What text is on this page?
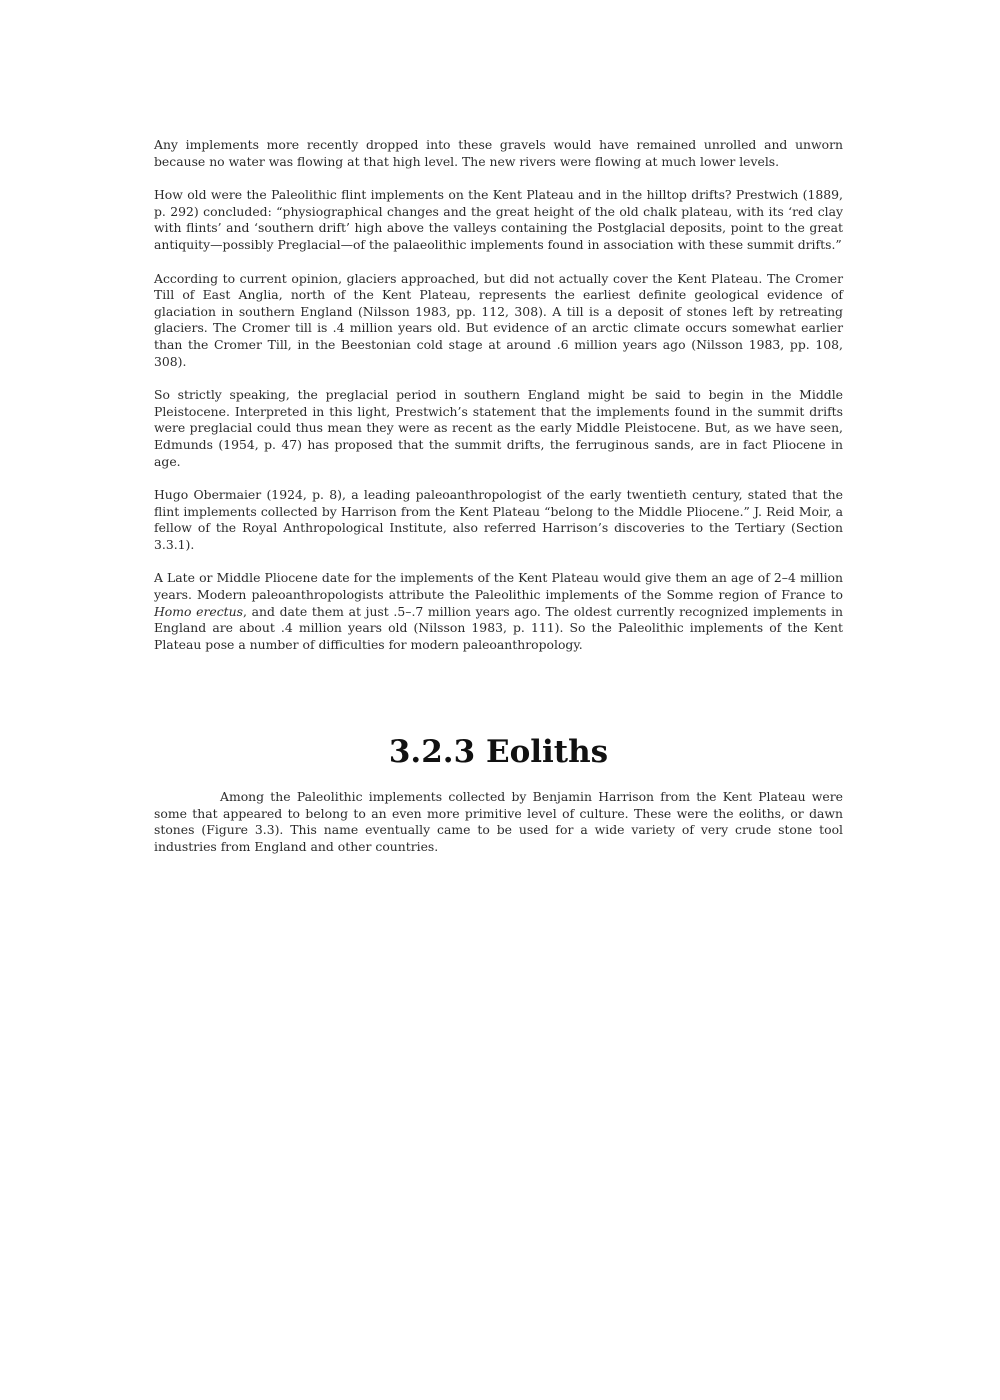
Any implements more recently dropped into these gravels would have remained unrolled and unworn because no water was flowing at that high level. The new rivers were flowing at much lower levels.

How old were the Paleolithic flint implements on the Kent Plateau and in the hilltop drifts? Prestwich (1889, p. 292) concluded: “physiographical changes and the great height of the old chalk plateau, with its ‘red clay with flints’ and ‘southern drift’ high above the valleys containing the Postglacial deposits, point to the great antiquity—possibly Preglacial—of the palaeolithic implements found in association with these summit drifts.”

According to current opinion, glaciers approached, but did not actually cover the Kent Plateau. The Cromer Till of East Anglia, north of the Kent Plateau, represents the earliest definite geological evidence of glaciation in southern England (Nilsson 1983, pp. 112, 308). A till is a deposit of stones left by retreating glaciers. The Cromer till is .4 million years old. But evidence of an arctic climate occurs somewhat earlier than the Cromer Till, in the Beestonian cold stage at around .6 million years ago (Nilsson 1983, pp. 108, 308).

So strictly speaking, the preglacial period in southern England might be said to begin in the Middle Pleistocene. Interpreted in this light, Prestwich’s statement that the implements found in the summit drifts were preglacial could thus mean they were as recent as the early Middle Pleistocene. But, as we have seen, Edmunds (1954, p. 47) has proposed that the summit drifts, the ferruginous sands, are in fact Pliocene in age.

Hugo Obermaier (1924, p. 8), a leading paleoanthropologist of the early twentieth century, stated that the flint implements collected by Harrison from the Kent Plateau “belong to the Middle Pliocene.” J. Reid Moir, a fellow of the Royal Anthropological Institute, also referred Harrison’s discoveries to the Tertiary (Section 3.3.1).

A Late or Middle Pliocene date for the implements of the Kent Plateau would give them an age of 2–4 million years. Modern paleoanthropologists attribute the Paleolithic implements of the Somme region of France to Homo erectus, and date them at just .5–.7 million years ago. The oldest currently recognized implements in England are about .4 million years old (Nilsson 1983, p. 111). So the Paleolithic implements of the Kent Plateau pose a number of difficulties for modern paleoanthropology.

3.2.3 Eoliths

Among the Paleolithic implements collected by Benjamin Harrison from the Kent Plateau were some that appeared to belong to an even more primitive level of culture. These were the eoliths, or dawn stones (Figure 3.3). This name eventually came to be used for a wide variety of very crude stone tool industries from England and other countries.
